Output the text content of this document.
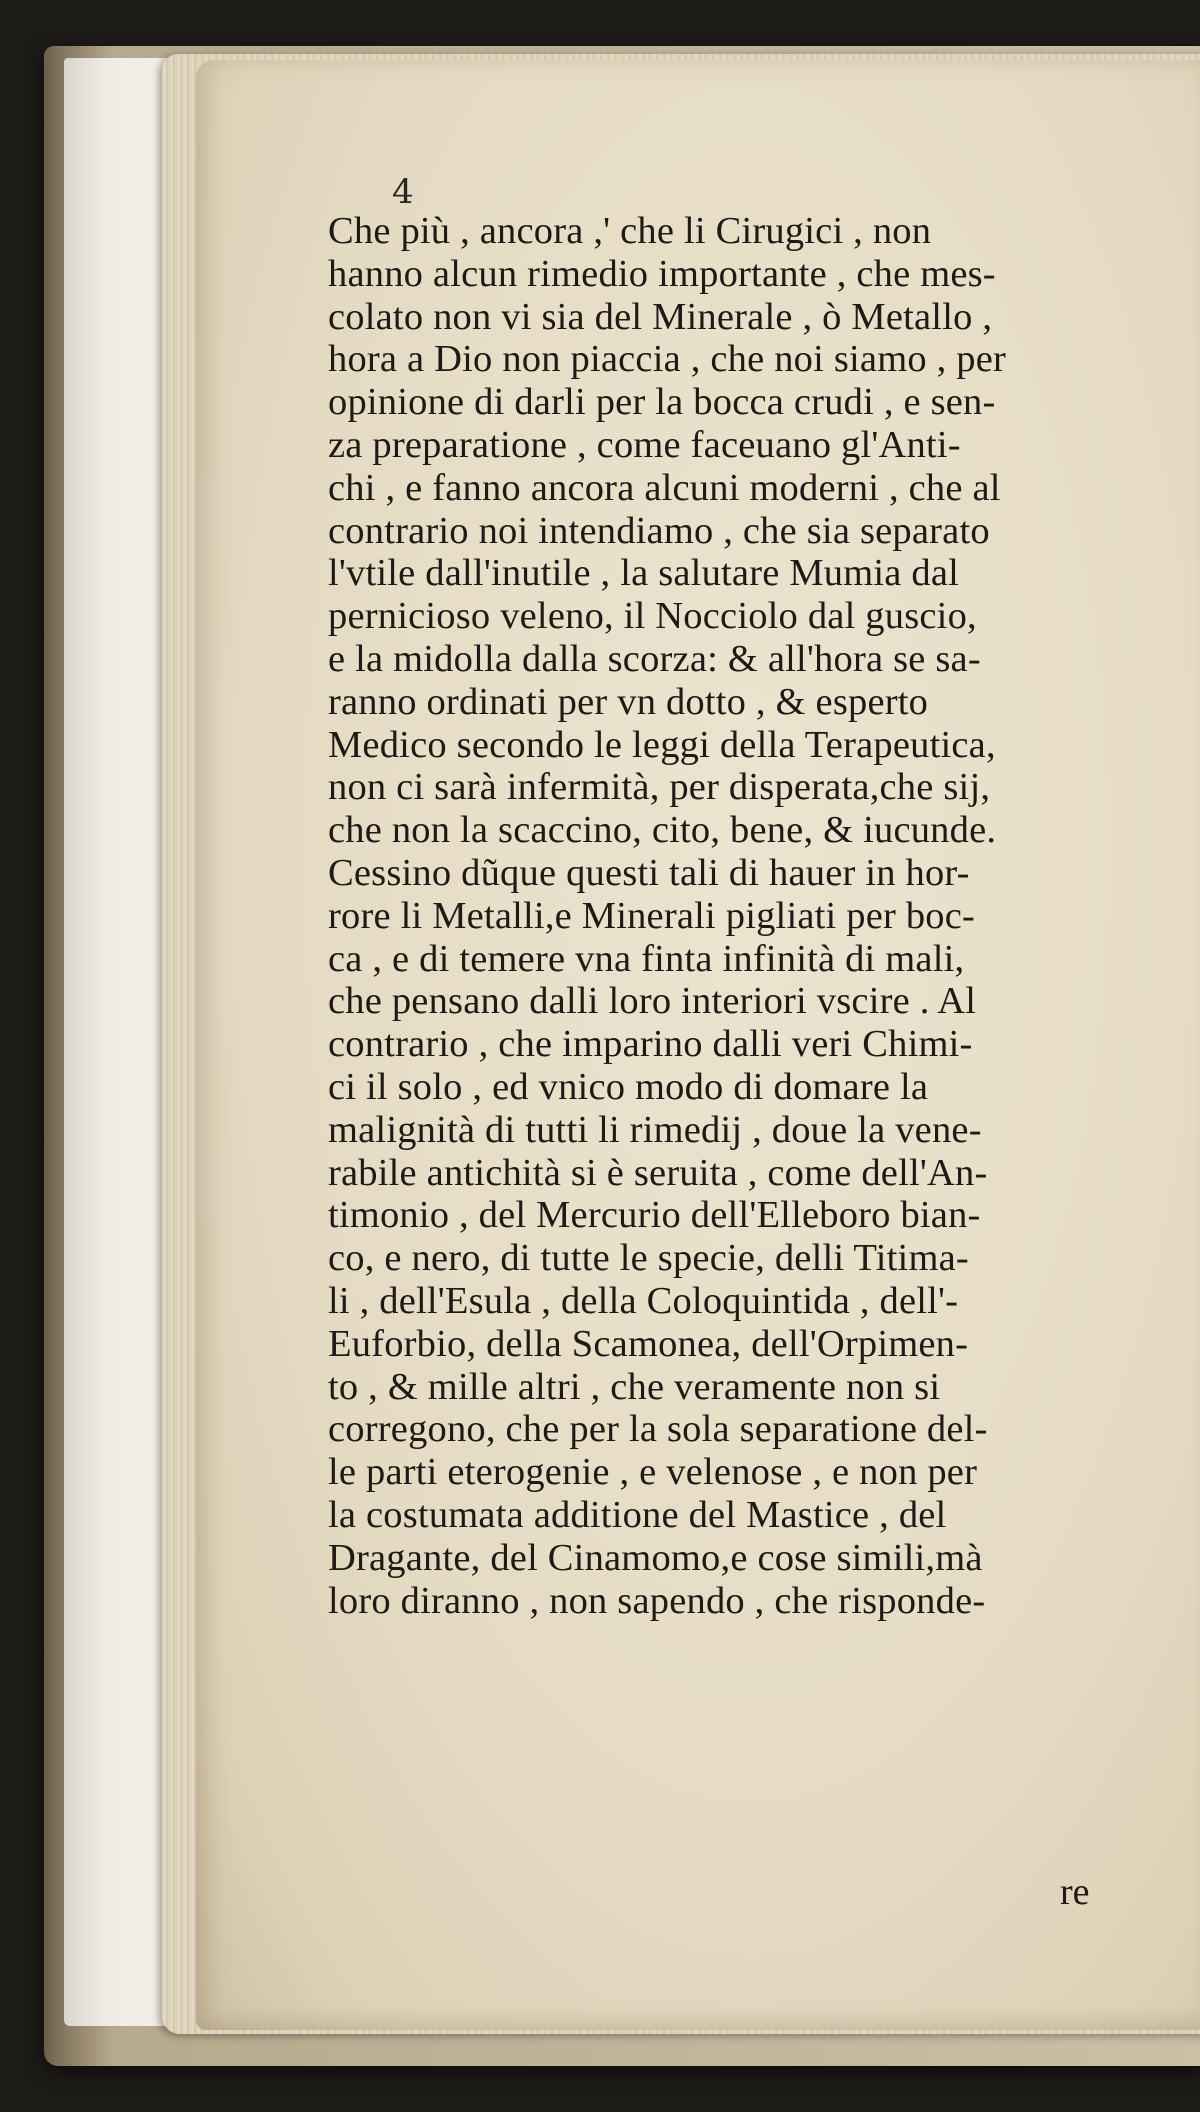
4

Che più , ancora ,' che li Cirugici , non
hanno alcun rimedio importante , che mes-
colato non vi sia del Minerale , ò Metallo ,
hora a Dio non piaccia , che noi siamo , per
opinione di darli per la bocca crudi , e sen-
za preparatione , come faceuano gl'Anti-
chi , e fanno ancora alcuni moderni , che al
contrario noi intendiamo , che sia separato
l'vtile dall'inutile , la salutare Mumia dal
pernicioso veleno, il Nocciolo dal guscio,
e la midolla dalla scorza: & all'hora se sa-
ranno ordinati per vn dotto , & esperto
Medico secondo le leggi della Terapeutica,
non ci sarà infermità, per disperata,che sij,
che non la scaccino, cito, bene, & iucunde.
Cessino dũque questi tali di hauer in hor-
rore li Metalli,e Minerali pigliati per boc-
ca , e di temere vna finta infinità di mali,
che pensano dalli loro interiori vscire . Al
contrario , che imparino dalli veri Chimi-
ci il solo , ed vnico modo di domare la
malignità di tutti li rimedij , doue la vene-
rabile antichità si è seruita , come dell'An-
timonio , del Mercurio dell'Elleboro bian-
co, e nero, di tutte le specie, delli Titima-
li , dell'Esula , della Coloquintida , dell'-
Euforbio, della Scamonea, dell'Orpimen-
to , & mille altri , che veramente non si
corregono, che per la sola separatione del-
le parti eterogenie , e velenose , e non per
la costumata additione del Mastice , del
Dragante, del Cinamomo,e cose simili,mà
loro diranno , non sapendo , che risponde-
re
